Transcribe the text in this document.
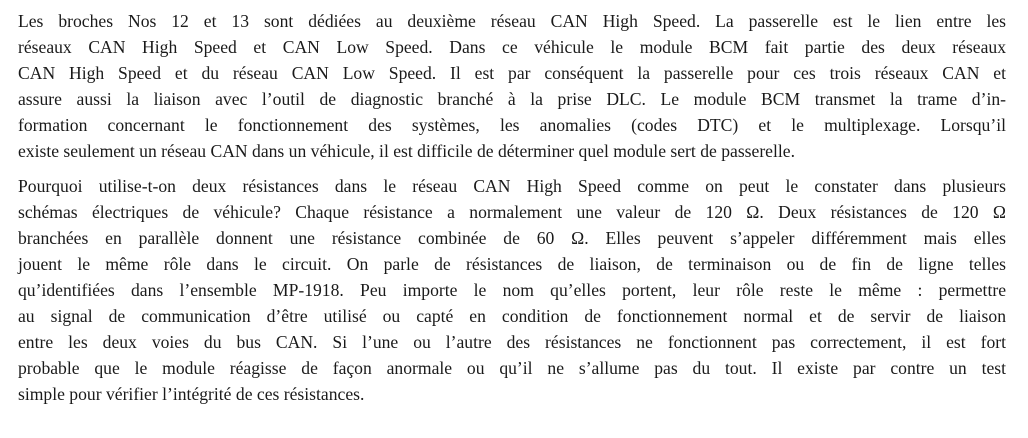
Les broches Nos 12 et 13 sont dédiées au deuxième réseau CAN High Speed. La passerelle est le lien entre les
réseaux CAN High Speed et CAN Low Speed. Dans ce véhicule le module BCM fait partie des deux réseaux
CAN High Speed et du réseau CAN Low Speed. Il est par conséquent la passerelle pour ces trois réseaux CAN et
assure aussi la liaison avec l’outil de diagnostic branché à la prise DLC. Le module BCM transmet la trame d’in-
formation concernant le fonctionnement des systèmes, les anomalies (codes DTC) et le multiplexage. Lorsqu’il
existe seulement un réseau CAN dans un véhicule, il est difficile de déterminer quel module sert de passerelle.

Pourquoi utilise-t-on deux résistances dans le réseau CAN High Speed comme on peut le constater dans plusieurs
schémas électriques de véhicule? Chaque résistance a normalement une valeur de 120 Ω. Deux résistances de 120 Ω
branchées en parallèle donnent une résistance combinée de 60 Ω. Elles peuvent s’appeler différemment mais elles
jouent le même rôle dans le circuit. On parle de résistances de liaison, de terminaison ou de fin de ligne telles
qu’identifiées dans l’ensemble MP-1918. Peu importe le nom qu’elles portent, leur rôle reste le même : permettre
au signal de communication d’être utilisé ou capté en condition de fonctionnement normal et de servir de liaison
entre les deux voies du bus CAN. Si l’une ou l’autre des résistances ne fonctionnent pas correctement, il est fort
probable que le module réagisse de façon anormale ou qu’il ne s’allume pas du tout. Il existe par contre un test
simple pour vérifier l’intégrité de ces résistances.
